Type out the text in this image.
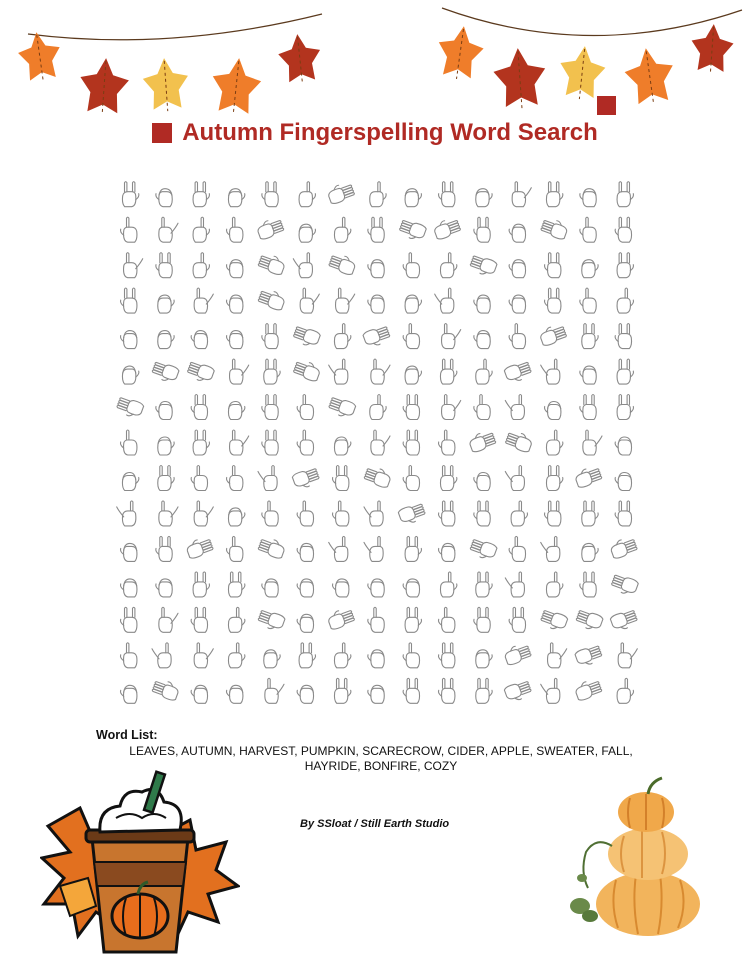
Autumn Fingerspelling Word Search

Word List:

LEAVES, AUTUMN, HARVEST, PUMPKIN, SCARECROW, CIDER, APPLE, SWEATER, FALL,

HAYRIDE, BONFIRE, COZY

By SSloat / Still Earth Studio
